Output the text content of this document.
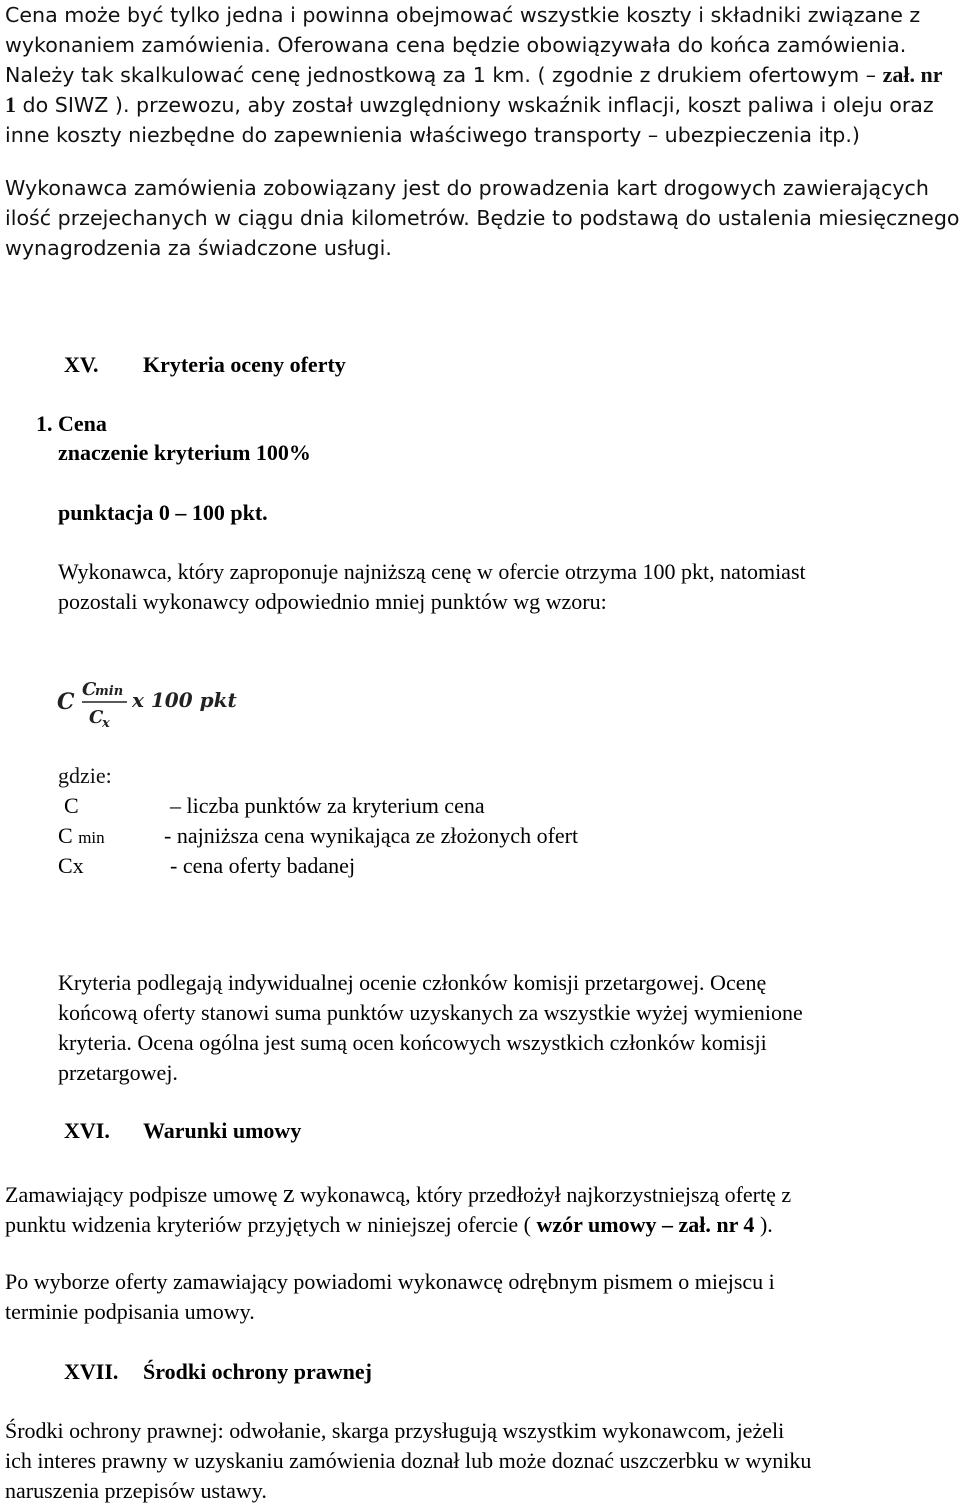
Cena może być tylko jedna i powinna obejmować wszystkie koszty i składniki związane z
wykonaniem zamówienia. Oferowana cena będzie obowiązywała do końca zamówienia.
Należy tak skalkulować cenę jednostkową za 1 km. ( zgodnie z drukiem ofertowym – zał. nr
1 do SIWZ ). przewozu, aby został uwzględniony wskaźnik inflacji, koszt paliwa i oleju oraz
inne koszty niezbędne do zapewnienia właściwego transporty – ubezpieczenia itp.)
Wykonawca zamówienia zobowiązany jest do prowadzenia kart drogowych zawierających
ilość przejechanych w ciągu dnia kilometrów. Będzie to podstawą do ustalenia miesięcznego
wynagrodzenia za świadczone usługi.
XV. Kryteria oceny oferty
1. Cena
znaczenie kryterium 100%
punktacja 0 – 100 pkt.
Wykonawca, który zaproponuje najniższą cenę w ofercie otrzyma 100 pkt, natomiast
pozostali wykonawcy odpowiednio mniej punktów wg wzoru:
C C
min
C
x
x 100 pkt
gdzie:
C	– liczba punktów za kryterium cena
C min	- najniższa cena wynikająca ze złożonych ofert
Cx	- cena oferty badanej
Kryteria podlegają indywidualnej ocenie członków komisji przetargowej. Ocenę
końcową oferty stanowi suma punktów uzyskanych za wszystkie wyżej wymienione
kryteria. Ocena ogólna jest sumą ocen końcowych wszystkich członków komisji
przetargowej.
XVI. Warunki umowy
Zamawiający podpisze umowę z wykonawcą, który przedłożył najkorzystniejszą ofertę z
punktu widzenia kryteriów przyjętych w niniejszej ofercie ( wzór umowy – zał. nr 4 ).
Po wyborze oferty zamawiający powiadomi wykonawcę odrębnym pismem o miejscu i
terminie podpisania umowy.
XVII. Środki ochrony prawnej
Środki ochrony prawnej: odwołanie, skarga przysługują wszystkim wykonawcom, jeżeli
ich interes prawny w uzyskaniu zamówienia doznał lub może doznać uszczerbku w wyniku
naruszenia przepisów ustawy.
